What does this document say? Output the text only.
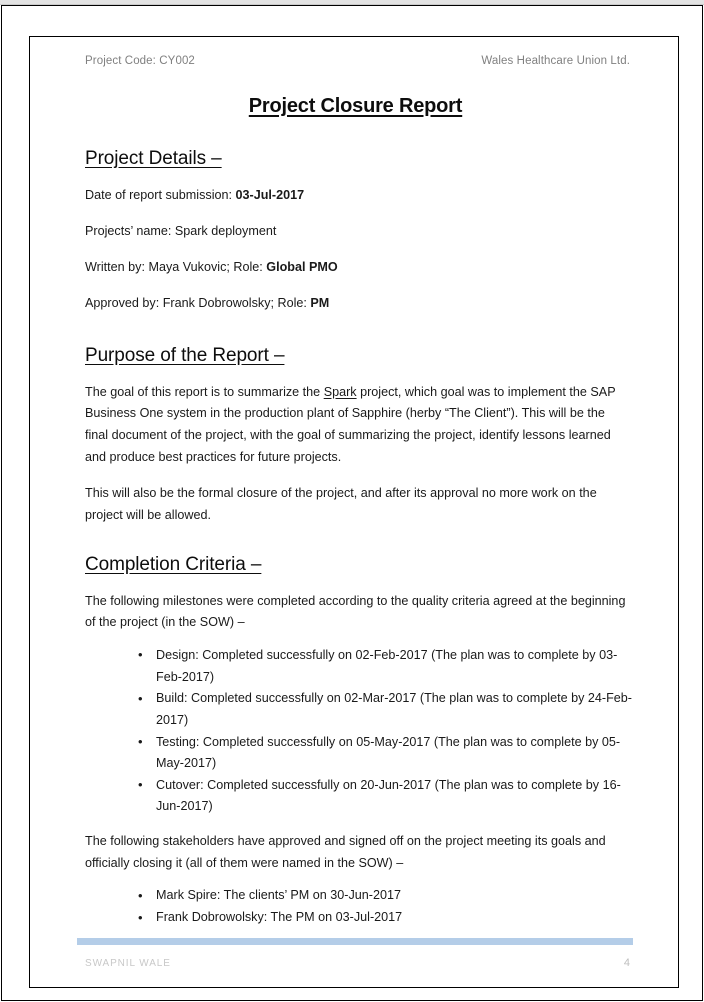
Project Code: CY002	Wales Healthcare Union Ltd.
Project Closure Report
Project Details –

Date of report submission: 03-Jul-2017

Projects’ name: Spark deployment

Written by: Maya Vukovic; Role: Global PMO

Approved by: Frank Dobrowolsky; Role: PM

Purpose of the Report –

The goal of this report is to summarize the Spark project, which goal was to implement the SAP Business One system in the production plant of Sapphire (herby “The Client”). This will be the final document of the project, with the goal of summarizing the project, identify lessons learned and produce best practices for future projects.

This will also be the formal closure of the project, and after its approval no more work on the project will be allowed.

Completion Criteria –

The following milestones were completed according to the quality criteria agreed at the beginning of the project (in the SOW) –

• Design: Completed successfully on 02-Feb-2017 (The plan was to complete by 03-Feb-2017)
• Build: Completed successfully on 02-Mar-2017 (The plan was to complete by 24-Feb-2017)
• Testing: Completed successfully on 05-May-2017 (The plan was to complete by 05-May-2017)
• Cutover: Completed successfully on 20-Jun-2017 (The plan was to complete by 16-Jun-2017)

The following stakeholders have approved and signed off on the project meeting its goals and officially closing it (all of them were named in the SOW) –

• Mark Spire: The clients’ PM on 30-Jun-2017
• Frank Dobrowolsky: The PM on 03-Jul-2017
SWAPNIL WALE	4
